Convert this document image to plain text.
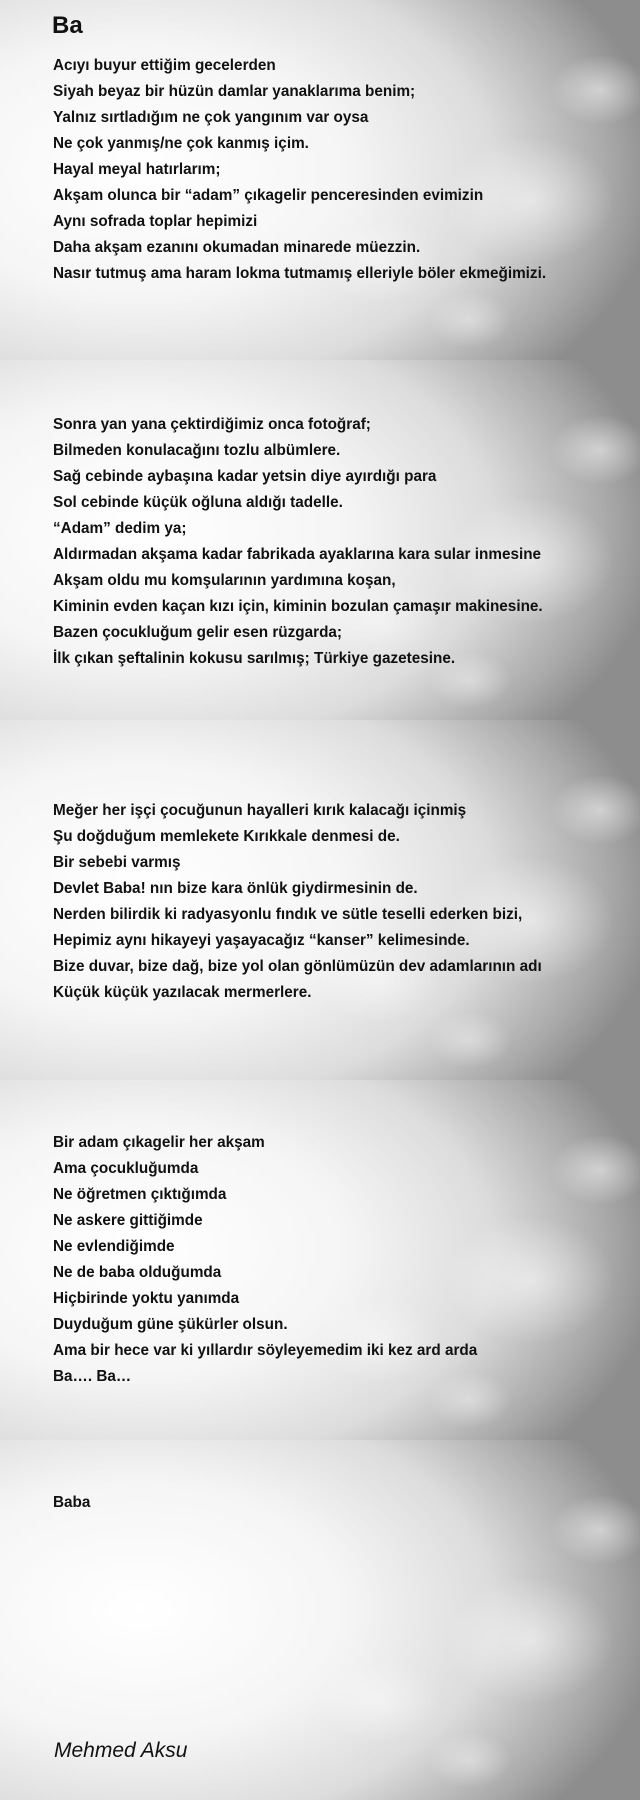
Ba
Acıyı buyur ettiğim gecelerden
Siyah beyaz bir hüzün damlar yanaklarıma benim;
Yalnız sırtladığım ne çok yangınım var oysa
Ne çok yanmış/ne çok kanmış içim.
Hayal meyal hatırlarım;
Akşam olunca bir “adam” çıkagelir penceresinden evimizin
Aynı sofrada toplar hepimizi
Daha akşam ezanını okumadan minarede müezzin.
Nasır tutmuş ama haram lokma tutmamış elleriyle böler ekmeğimizi.
Sonra yan yana çektirdiğimiz onca fotoğraf;
Bilmeden konulacağını tozlu albümlere.
Sağ cebinde aybaşına kadar yetsin diye ayırdığı para
Sol cebinde küçük oğluna aldığı tadelle.
“Adam” dedim ya;
Aldırmadan akşama kadar fabrikada ayaklarına kara sular inmesine
Akşam oldu mu komşularının yardımına koşan,
Kiminin evden kaçan kızı için, kiminin bozulan çamaşır makinesine.
Bazen çocukluğum gelir esen rüzgarda;
İlk çıkan şeftalinin kokusu sarılmış; Türkiye gazetesine.
Meğer her işçi çocuğunun hayalleri kırık kalacağı içinmiş
Şu doğduğum memlekete Kırıkkale denmesi de.
Bir sebebi varmış
Devlet Baba! nın bize kara önlük giydirmesinin de.
Nerden bilirdik ki radyasyonlu fındık ve sütle teselli ederken bizi,
Hepimiz aynı hikayeyi yaşayacağız “kanser” kelimesinde.
Bize duvar, bize dağ, bize yol olan gönlümüzün dev adamlarının adı
Küçük küçük yazılacak mermerlere.
Bir adam çıkagelir her akşam
Ama çocukluğumda
Ne öğretmen çıktığımda
Ne askere gittiğimde
Ne evlendiğimde
Ne de baba olduğumda
Hiçbirinde yoktu yanımda
Duyduğum güne şükürler olsun.
Ama bir hece var ki yıllardır söyleyemedim iki kez ard arda
Ba…. Ba…
Baba
Mehmed Aksu
